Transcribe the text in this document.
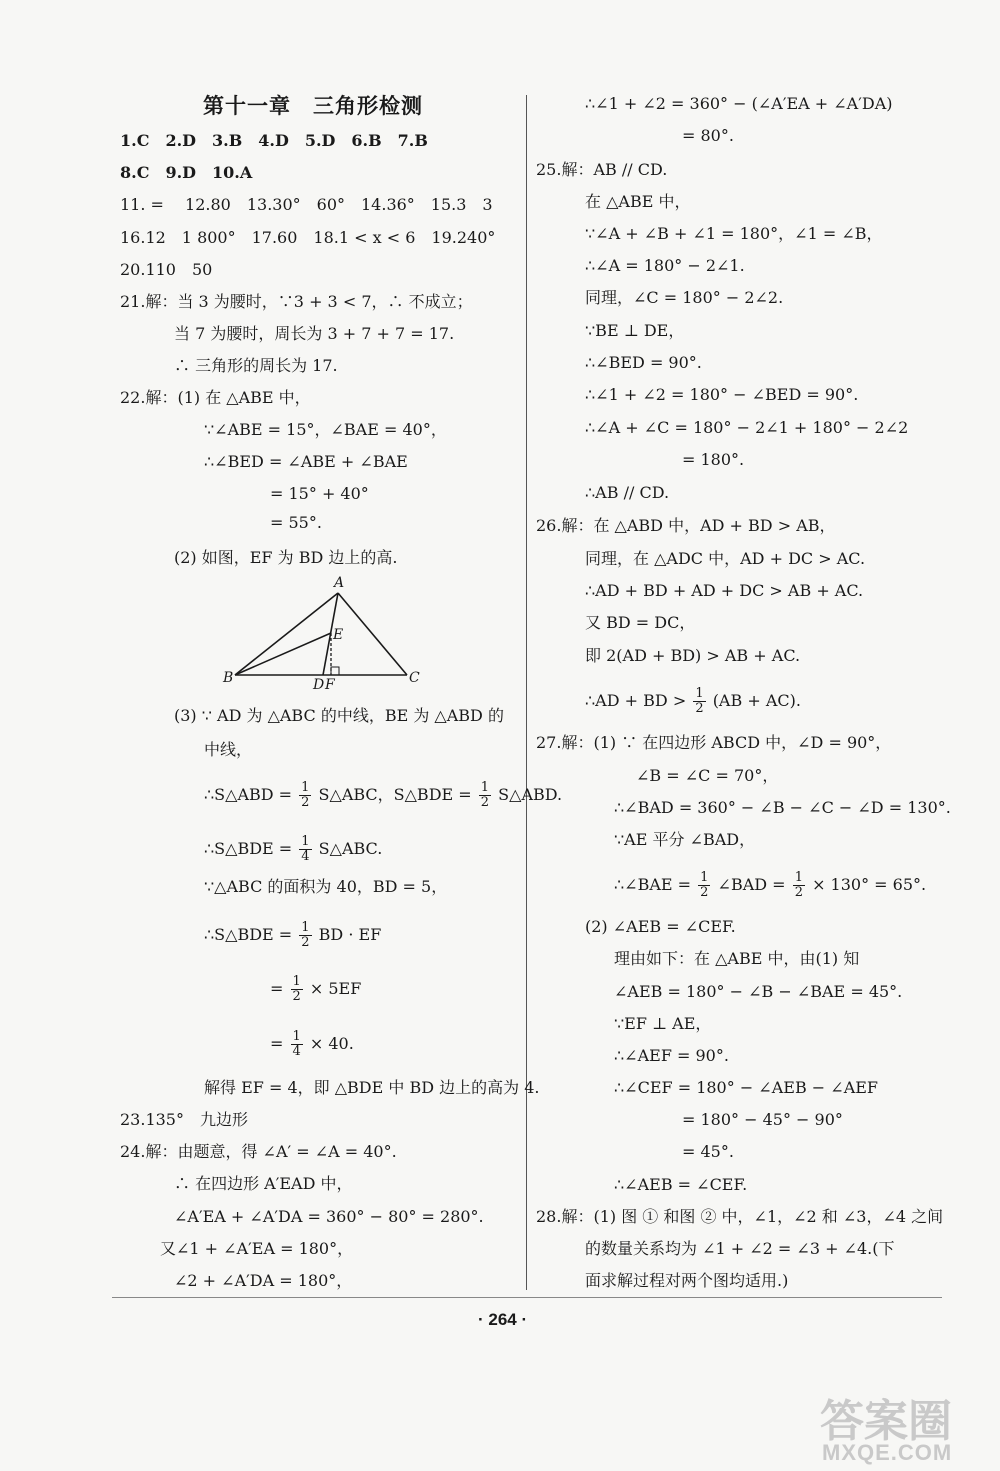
第十一章　三角形检测
1.C　2.D　3.B　4.D　5.D　6.B　7.B
8.C　9.D　10.A
11. =　 12.80　13.30°　60°　14.36°　15.3　3
16.12　1 800°　17.60　18.1 < x < 6　19.240°
20.110　50
21.解：当 3 为腰时，∵3 + 3 < 7，∴ 不成立；
当 7 为腰时，周长为 3 + 7 + 7 = 17.
∴ 三角形的周长为 17.
22.解：(1) 在 △ABE 中，
∵∠ABE = 15°，∠BAE = 40°，
∴∠BED = ∠ABE + ∠BAE
= 15° + 40°
= 55°.
(2) 如图，EF 为 BD 边上的高.
A
B	C
D F
E
(3) ∵ AD 为 △ABC 的中线，BE 为 △ABD 的
中线，
∴S△ABD = $\frac{1}{2}$ S△ABC，S△BDE = $\frac{1}{2}$ S△ABD.
∴S△BDE = $\frac{1}{4}$ S△ABC.
∵△ABC 的面积为 40，BD = 5，
∴S△BDE = $\frac{1}{2}$ BD · EF
= $\frac{1}{2} \times 5EF$
= $\frac{1}{4} \times 40$.
解得 EF = 4，即 △BDE 中 BD 边上的高为 4.
23.135°　九边形
24.解：由题意，得 ∠A′ = ∠A = 40°.
∴ 在四边形 A′EAD 中，
∠A′EA + ∠A′DA = 360° − 80° = 280°.
又∠1 + ∠A′EA = 180°，
∠2 + ∠A′DA = 180°，
∴∠1 + ∠2 = 360° − (∠A′EA + ∠A′DA)
= 80°.
25.解：AB // CD.
在 △ABE 中，
∵∠A + ∠B + ∠1 = 180°，∠1 = ∠B，
∴∠A = 180° − 2∠1.
同理，∠C = 180° − 2∠2.
∵BE ⊥ DE，
∴∠BED = 90°.
∴∠1 + ∠2 = 180° − ∠BED = 90°.
∴∠A + ∠C = 180° − 2∠1 + 180° − 2∠2
= 180°.
∴AB // CD.
26.解：在 △ABD 中，AD + BD > AB，
同理，在 △ADC 中，AD + DC > AC.
∴AD + BD + AD + DC > AB + AC.
又 BD = DC，
即 2(AD + BD) > AB + AC.
∴AD + BD > $\frac{1}{2} (AB + AC)$.
27.解：(1) ∵ 在四边形 ABCD 中，∠D = 90°，
∠B = ∠C = 70°，
∴∠BAD = 360° − ∠B − ∠C − ∠D = 130°.
∵AE 平分 ∠BAD，
∴∠BAE = $\frac{1}{2}$ ∠BAD = $\frac{1}{2} \times 130^\circ = 65^\circ$.
(2) ∠AEB = ∠CEF.
理由如下：在 △ABE 中，由(1) 知
∠AEB = 180° − ∠B − ∠BAE = 45°.
∵EF ⊥ AE，
∴∠AEF = 90°.
∴∠CEF = 180° − ∠AEB − ∠AEF
= 180° − 45° − 90°
= 45°.
∴∠AEB = ∠CEF.
28.解：(1) 图 ① 和图 ② 中，∠1，∠2 和 ∠3，∠4 之间
的数量关系均为 ∠1 + ∠2 = ∠3 + ∠4.(下
面求解过程对两个图均适用.)
· 264 ·
答案圈
MXQE.COM
